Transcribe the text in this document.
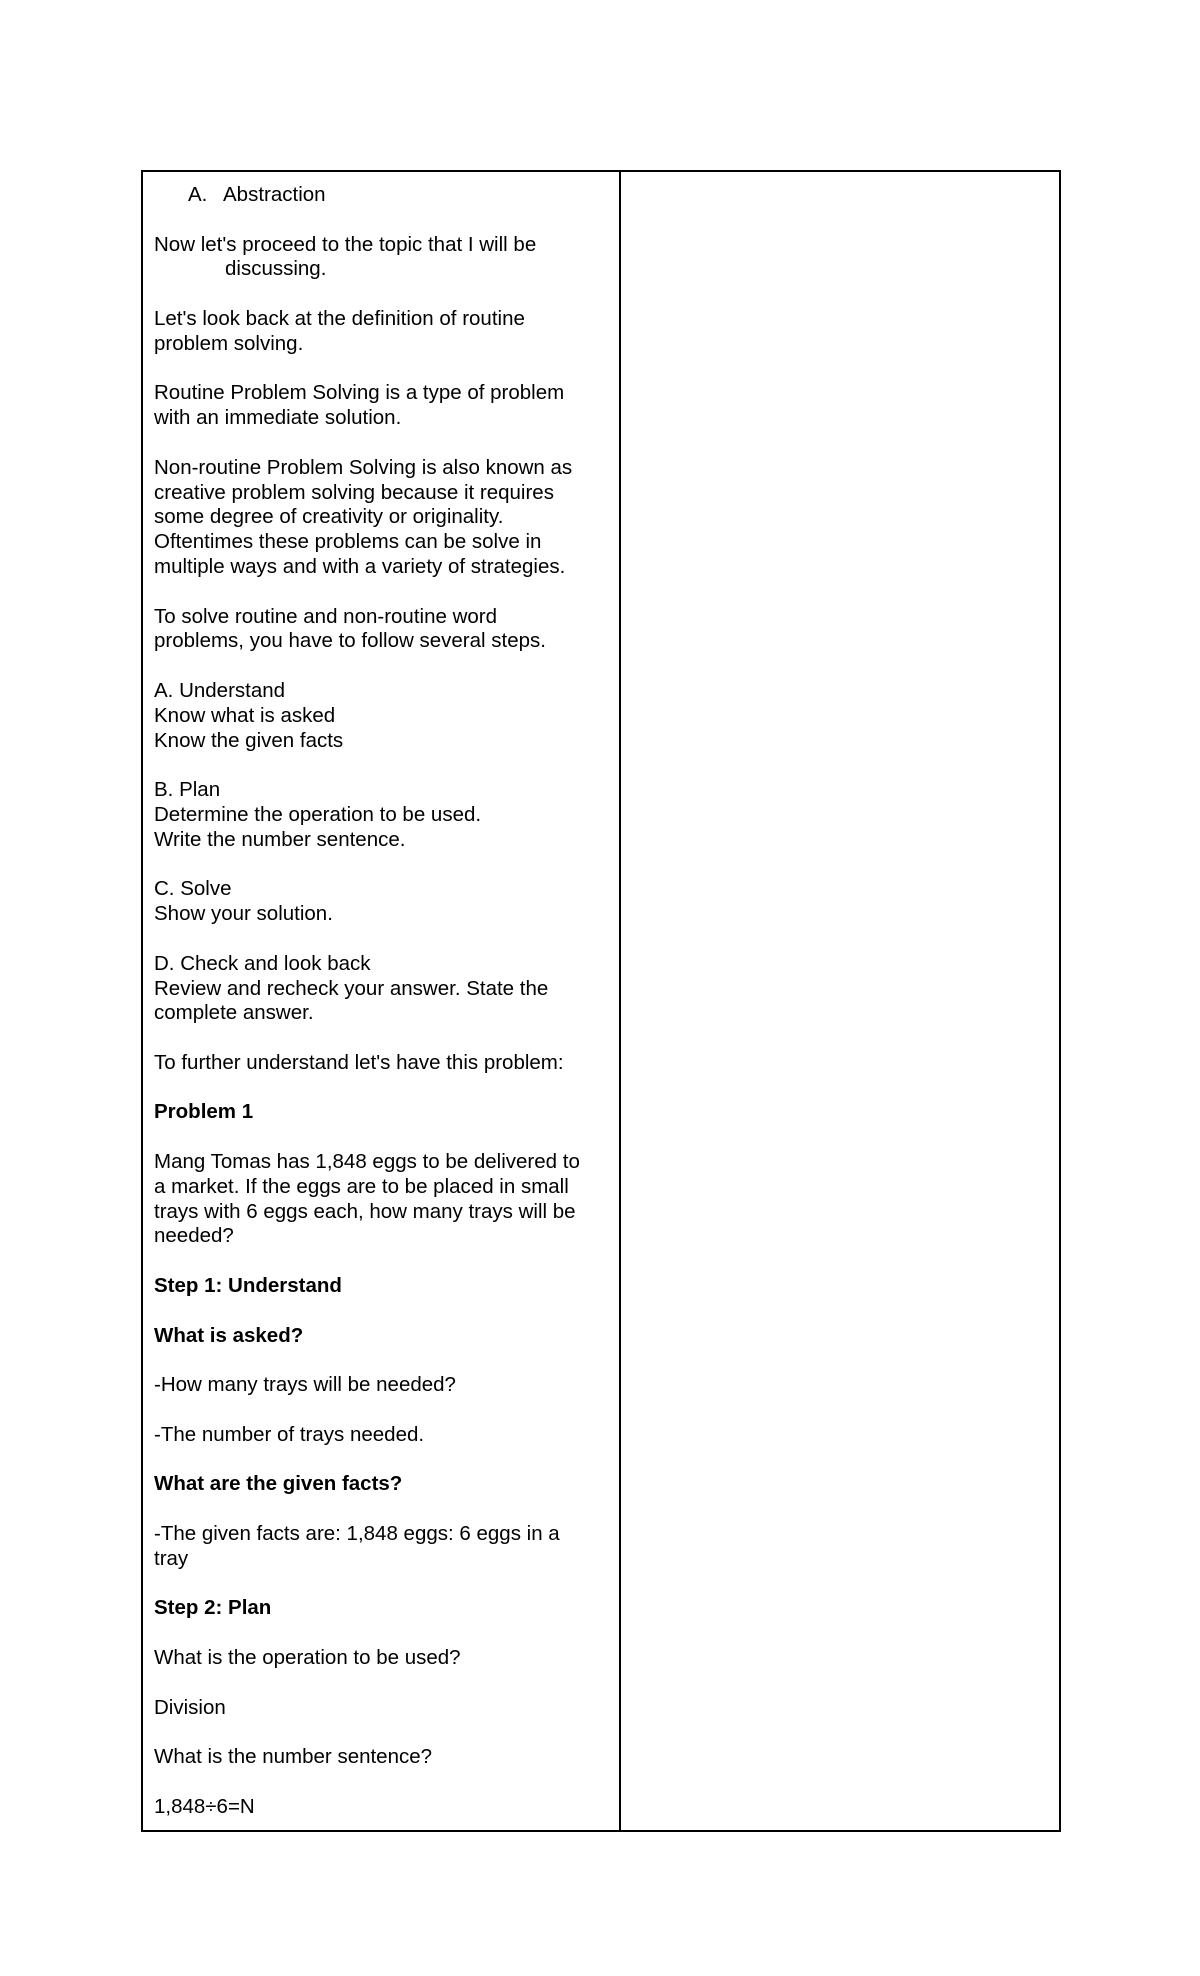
A. Abstraction

Now let's proceed to the topic that I will be

discussing.

Let's look back at the definition of routine

problem solving.

Routine Problem Solving is a type of problem

with an immediate solution.

Non-routine Problem Solving is also known as

creative problem solving because it requires

some degree of creativity or originality.

Oftentimes these problems can be solve in

multiple ways and with a variety of strategies.

To solve routine and non-routine word

problems, you have to follow several steps.

A. Understand

Know what is asked

Know the given facts

B. Plan

Determine the operation to be used.

Write the number sentence.

C. Solve

Show your solution.

D. Check and look back

Review and recheck your answer. State the

complete answer.

To further understand let's have this problem:

Problem 1

Mang Tomas has 1,848 eggs to be delivered to

a market. If the eggs are to be placed in small

trays with 6 eggs each, how many trays will be

needed?

Step 1: Understand

What is asked?

-How many trays will be needed?

-The number of trays needed.

What are the given facts?

-The given facts are: 1,848 eggs: 6 eggs in a

tray

Step 2: Plan

What is the operation to be used?

Division

What is the number sentence?

1,848÷6=N
